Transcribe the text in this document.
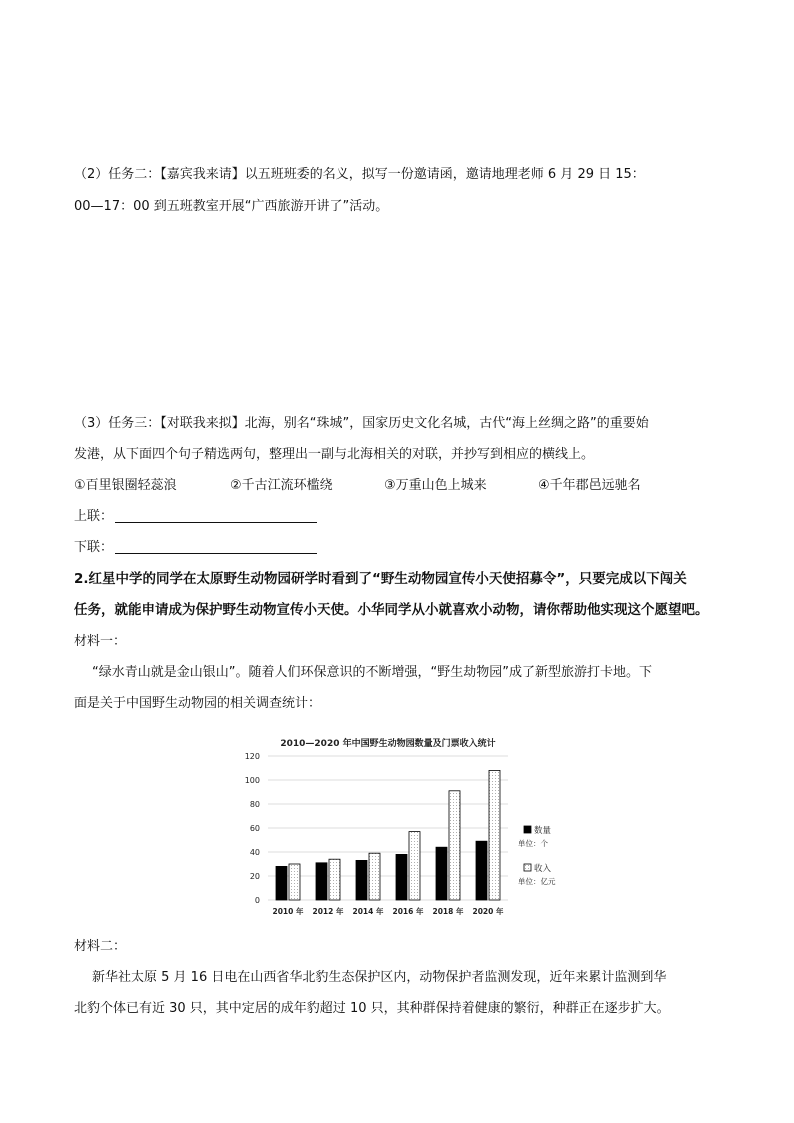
（2）任务二：【嘉宾我来请】以五班班委的名义，拟写一份邀请函，邀请地理老师 6 月 29 日 15：
00—17：00 到五班教室开展“广西旅游开讲了”活动。
（3）任务三：【对联我来拟】北海，别名“珠城”，国家历史文化名城，古代“海上丝绸之路”的重要始
发港，从下面四个句子精选两句，整理出一副与北海相关的对联，并抄写到相应的横线上。
①百里银圈轻蕊浪	②千古江流环槛绕	③万重山色上城来	④千年郡邑远驰名
上联：
下联：
2.红星中学的同学在太原野生动物园研学时看到了“野生动物园宣传小天使招募令”，只要完成以下闯关
任务，就能申请成为保护野生动物宣传小天使。小华同学从小就喜欢小动物，请你帮助他实现这个愿望吧。
材料一：
“绿水青山就是金山银山”。随着人们环保意识的不断增强，“野生劫物园”成了新型旅游打卡地。下
面是关于中国野生动物园的相关调查统计：
2010—2020 年中国野生动物园数量及门票收入统计
0
20
40
60
80
100
120
2010 年 2012 年 2014 年 2016 年 2018 年 2020 年
数量
单位：个
收入
单位：亿元
材料二：
新华社太原 5 月 16 日电在山西省华北豹生态保护区内，动物保护者监测发现，近年来累计监测到华
北豹个体已有近 30 只，其中定居的成年豹超过 10 只，其种群保持着健康的繁衍，种群正在逐步扩大。
